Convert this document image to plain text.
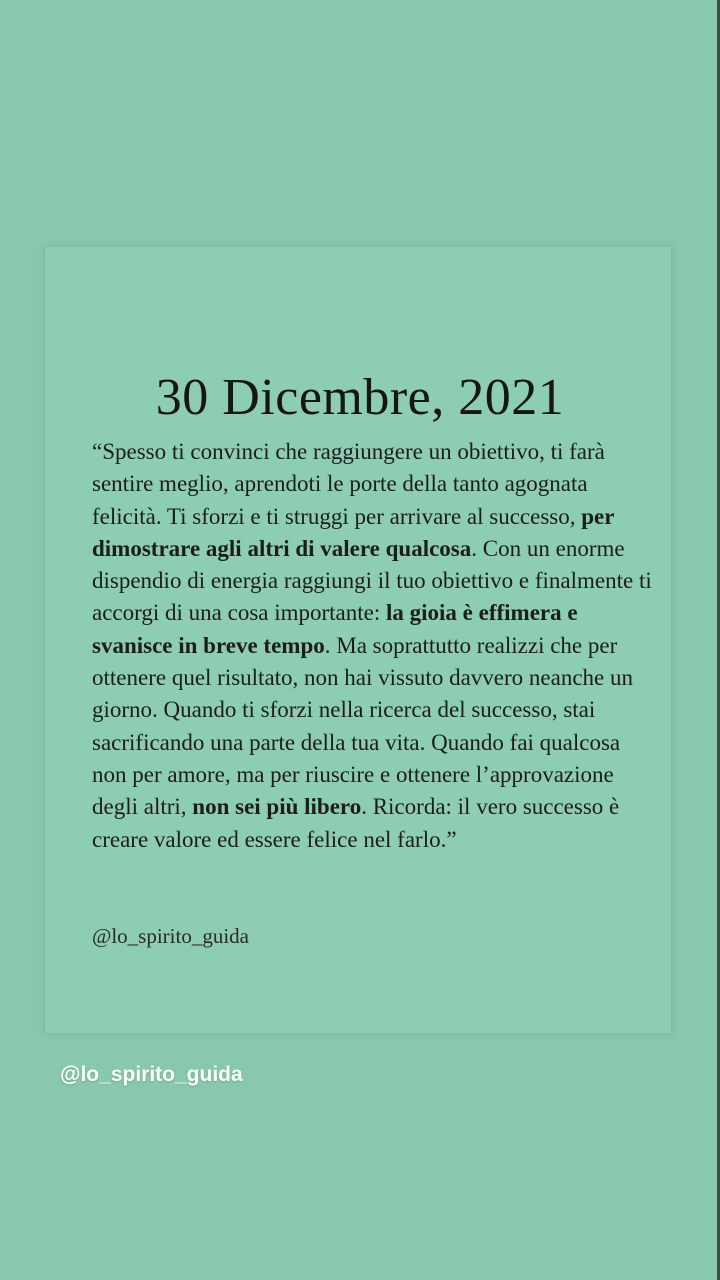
30 Dicembre, 2021

“Spesso ti convinci che raggiungere un obiettivo, ti farà sentire meglio, aprendoti le porte della tanto agognata felicità. Ti sforzi e ti struggi per arrivare al successo, per dimostrare agli altri di valere qualcosa. Con un enorme dispendio di energia raggiungi il tuo obiettivo e finalmente ti accorgi di una cosa importante: la gioia è effimera e svanisce in breve tempo. Ma soprattutto realizzi che per ottenere quel risultato, non hai vissuto davvero neanche un giorno. Quando ti sforzi nella ricerca del successo, stai sacrificando una parte della tua vita. Quando fai qualcosa non per amore, ma per riuscire e ottenere l’approvazione degli altri, non sei più libero. Ricorda: il vero successo è creare valore ed essere felice nel farlo.”

@lo_spirito_guida
@lo_spirito_guida
